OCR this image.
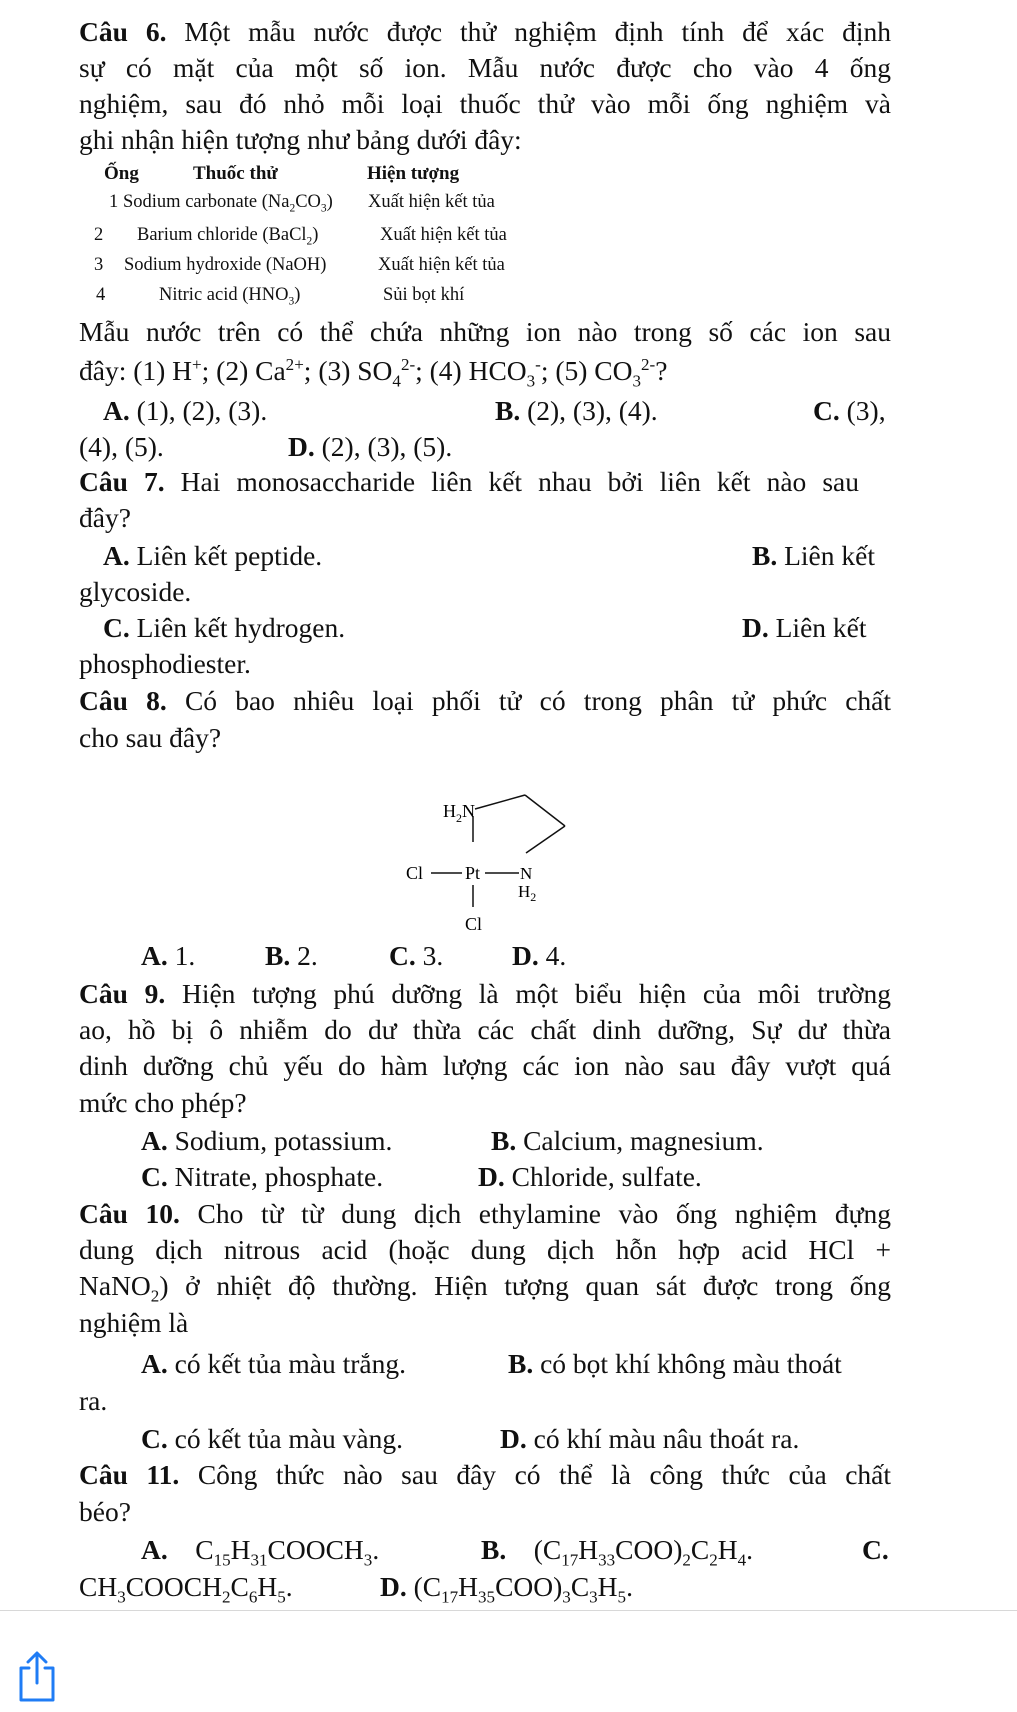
Câu 6. Một mẫu nước được thử nghiệm định tính để xác định
sự có mặt của một số ion. Mẫu nước được cho vào 4 ống
nghiệm, sau đó nhỏ mỗi loại thuốc thử vào mỗi ống nghiệm và
ghi nhận hiện tượng như bảng dưới đây:
Ống	Thuốc thử	Hiện tượng
1 Sodium carbonate $(Na_2CO_3)$ Xuất hiện kết tủa
2 Barium chloride (BaCl$_2$)	Xuất hiện kết tủa
3 Sodium hydroxide (NaOH)	Xuất hiện kết tủa
4	Nitric acid $(HNO_3)$	Sủi bọt khí
Mẫu nước trên có thể chứa những ion nào trong số các ion sau
đây: (1) H+; (2) $Ca^{2+}$; (3) $SO_4^{2-}$; (4) $HCO_3^-$; (5) $CO_3^{2-}$?
A. (1), (2), (3).	B. (2), (3), (4).	C. (3),
(4), (5).	D. (2), (3), (5).
Câu 7. Hai monosaccharide liên kết nhau bởi liên kết nào sau
đây?
A. Liên kết peptide.	B. Liên kết
glycoside.
C. Liên kết hydrogen.	D. Liên kết
phosphodiester.
Câu 8. Có bao nhiêu loại phối tử có trong phân tử phức chất
cho sau đây?
$H_2N$
Cl Pt N
$H_2$
Cl
A. 1.	B. 2.	C. 3.	D. 4.
Câu 9. Hiện tượng phú dưỡng là một biểu hiện của môi trường
ao, hồ bị ô nhiễm do dư thừa các chất dinh dưỡng, Sự dư thừa
dinh dưỡng chủ yếu do hàm lượng các ion nào sau đây vượt quá
mức cho phép?
A. Sodium, potassium.	B. Calcium, magnesium.
C. Nitrate, phosphate.	D. Chloride, sulfate.
Câu 10. Cho từ từ dung dịch ethylamine vào ống nghiệm đựng
dung dịch nitrous acid (hoặc dung dịch hỗn hợp acid HCl +
NaNO$_2$) ở nhiệt độ thường. Hiện tượng quan sát được trong ống
nghiệm là
A. có kết tủa màu trắng.	B. có bọt khí không màu thoát
ra.
C. có kết tủa màu vàng.	D. có khí màu nâu thoát ra.
Câu 11. Công thức nào sau đây có thể là công thức của chất
béo?
A. $C_{15}H_{31}COOCH_3$.	B. $(C_{17}H_{33}COO)_2C_2H_4$.	C.
$CH_3COOCH_2C_6H_5$.	D. $(C_{17}H_{35}COO)_3C_3H_5$.
